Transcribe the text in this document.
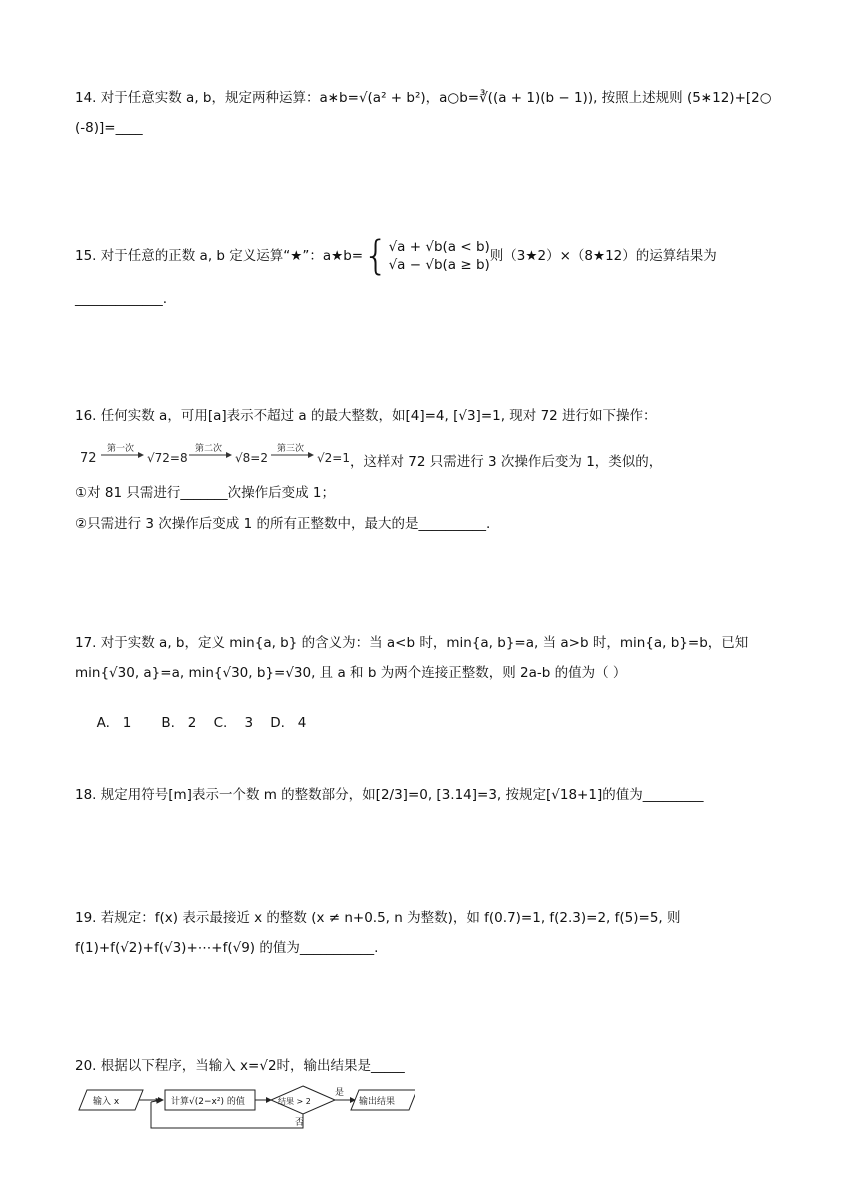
14. 对于任意实数 a, b，规定两种运算：a∗b=√(a² + b²)，a○b=∛((a + 1)(b − 1)), 按照上述规则 (5∗12)+[2○
(-8)]=____
15. 对于任意的正数 a, b 定义运算“★”：a★b={√a + √b(a < b)
√a − √b(a ≥ b)则（3★2）×（8★12）的运算结果为
_____________.
16. 任何实数 a，可用[a]表示不超过 a 的最大整数，如[4]=4, [√3]=1, 现对 72 进行如下操作：
72
第一次
√72=8
第二次
√8=2
第三次
√2=1 ，这样对 72 只需进行 3 次操作后变为 1，类似的，
①对 81 只需进行_______次操作后变成 1；
②只需进行 3 次操作后变成 1 的所有正整数中，最大的是__________.
17. 对于实数 a, b，定义 min{a, b} 的含义为：当 a<b 时，min{a, b}=a, 当 a>b 时，min{a, b}=b，已知
min{√30, a}=a, min{√30, b}=√30, 且 a 和 b 为两个连接正整数，则 2a-b 的值为（ ）

A.   1       B.   2    C.    3    D.   4

18. 规定用符号[m]表示一个数 m 的整数部分，如[2/3]=0, [3.14]=3, 按规定[√18+1]的值为_________
19. 若规定：f(x) 表示最接近 x 的整数 (x ≠ n+0.5, n 为整数)，如 f(0.7)=1, f(2.3)=2, f(5)=5, 则
f(1)+f(√2)+f(√3)+⋯+f(√9) 的值为___________.
20. 根据以下程序，当输入 x=√2时，输出结果是_____
输入 x	计算√(2−x²) 的值	结果 > 2
是
输出结果
否
